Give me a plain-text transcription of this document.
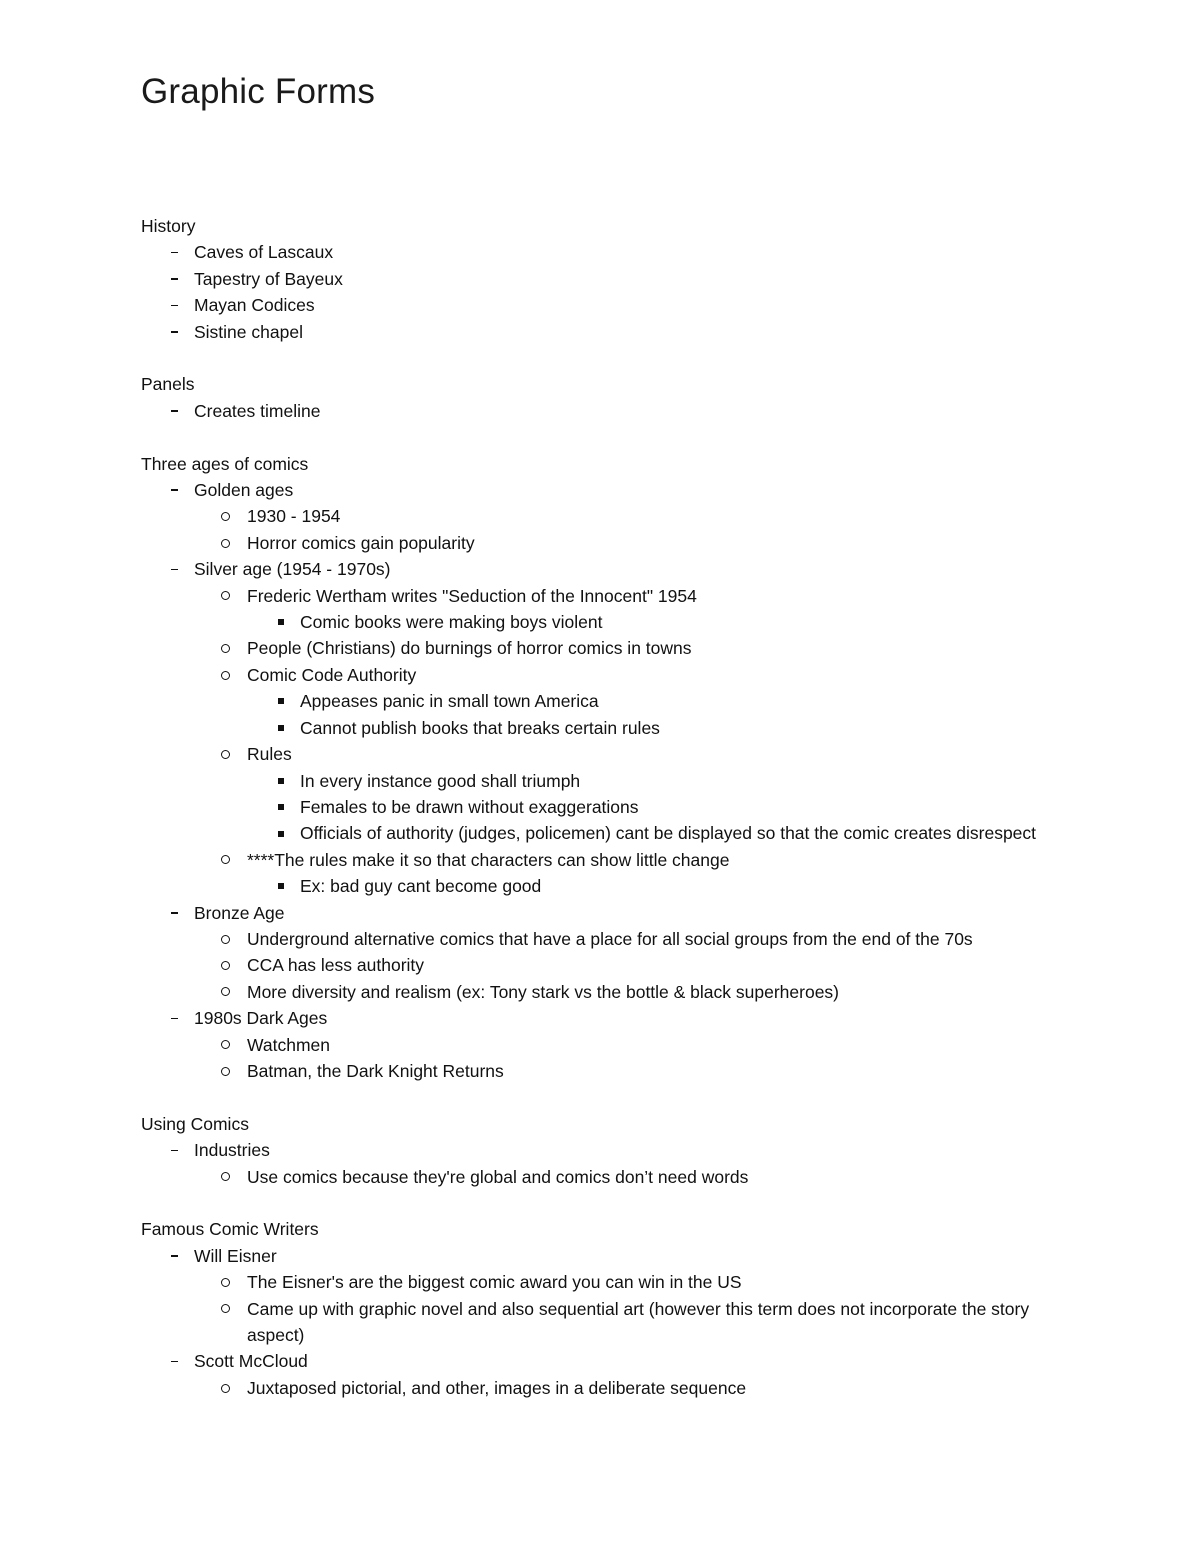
Graphic Forms
History
Caves of Lascaux
Tapestry of Bayeux
Mayan Codices
Sistine chapel
Panels
Creates timeline
Three ages of comics
Golden ages
1930 - 1954
Horror comics gain popularity
Silver age (1954 - 1970s)
Frederic Wertham writes "Seduction of the Innocent" 1954
Comic books were making boys violent
People (Christians) do burnings of horror comics in towns
Comic Code Authority
Appeases panic in small town America
Cannot publish books that breaks certain rules
Rules
In every instance good shall triumph
Females to be drawn without exaggerations
Officials of authority (judges, policemen) cant be displayed so that the comic creates disrespect
****The rules make it so that characters can show little change
Ex: bad guy cant become good
Bronze Age
Underground alternative comics that have a place for all social groups from the end of the 70s
CCA has less authority
More diversity and realism (ex: Tony stark vs the bottle & black superheroes)
1980s Dark Ages
Watchmen
Batman, the Dark Knight Returns
Using Comics
Industries
Use comics because they're global and comics don’t need words
Famous Comic Writers
Will Eisner
The Eisner's are the biggest comic award you can win in the US
Came up with graphic novel and also sequential art (however this term does not incorporate the story aspect)
Scott McCloud
Juxtaposed pictorial, and other, images in a deliberate sequence
